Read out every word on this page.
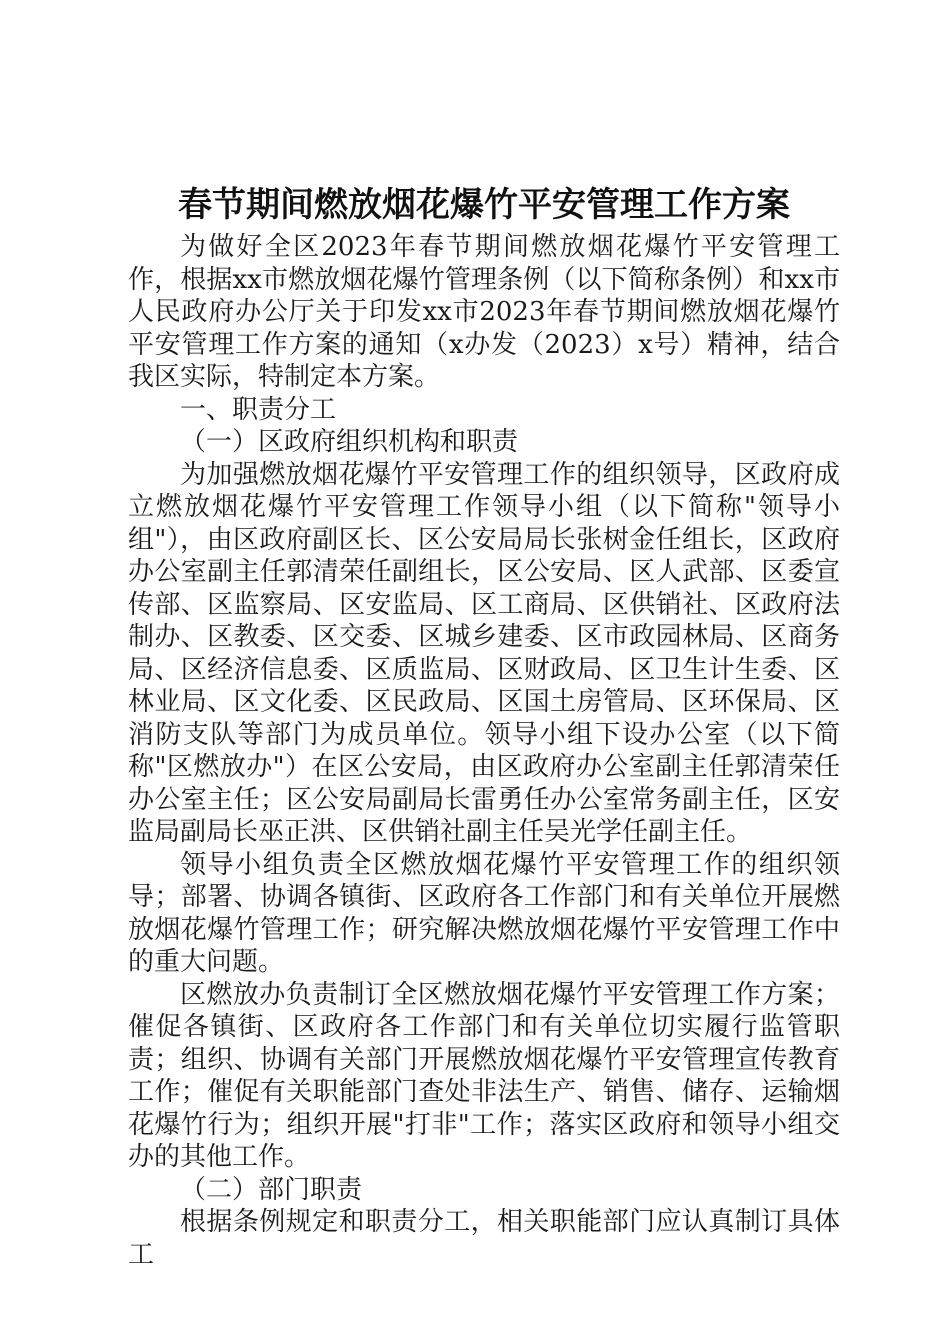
春节期间燃放烟花爆竹平安管理工作方案

为做好全区2023年春节期间燃放烟花爆竹平安管理工作，根据xx市燃放烟花爆竹管理条例（以下简称条例）和xx市人民政府办公厅关于印发xx市2023年春节期间燃放烟花爆竹平安管理工作方案的通知（x办发（2023）x号）精神，结合我区实际，特制定本方案。

一、职责分工

（一）区政府组织机构和职责

为加强燃放烟花爆竹平安管理工作的组织领导，区政府成立燃放烟花爆竹平安管理工作领导小组（以下简称"领导小组"），由区政府副区长、区公安局局长张树金任组长，区政府办公室副主任郭清荣任副组长，区公安局、区人武部、区委宣传部、区监察局、区安监局、区工商局、区供销社、区政府法制办、区教委、区交委、区城乡建委、区市政园林局、区商务局、区经济信息委、区质监局、区财政局、区卫生计生委、区林业局、区文化委、区民政局、区国土房管局、区环保局、区消防支队等部门为成员单位。领导小组下设办公室（以下简称"区燃放办"）在区公安局，由区政府办公室副主任郭清荣任办公室主任；区公安局副局长雷勇任办公室常务副主任，区安监局副局长巫正洪、区供销社副主任吴光学任副主任。

领导小组负责全区燃放烟花爆竹平安管理工作的组织领导；部署、协调各镇街、区政府各工作部门和有关单位开展燃放烟花爆竹管理工作；研究解决燃放烟花爆竹平安管理工作中的重大问题。

区燃放办负责制订全区燃放烟花爆竹平安管理工作方案；催促各镇街、区政府各工作部门和有关单位切实履行监管职责；组织、协调有关部门开展燃放烟花爆竹平安管理宣传教育工作；催促有关职能部门查处非法生产、销售、储存、运输烟花爆竹行为；组织开展"打非"工作；落实区政府和领导小组交办的其他工作。

（二）部门职责

根据条例规定和职责分工，相关职能部门应认真制订具体工
